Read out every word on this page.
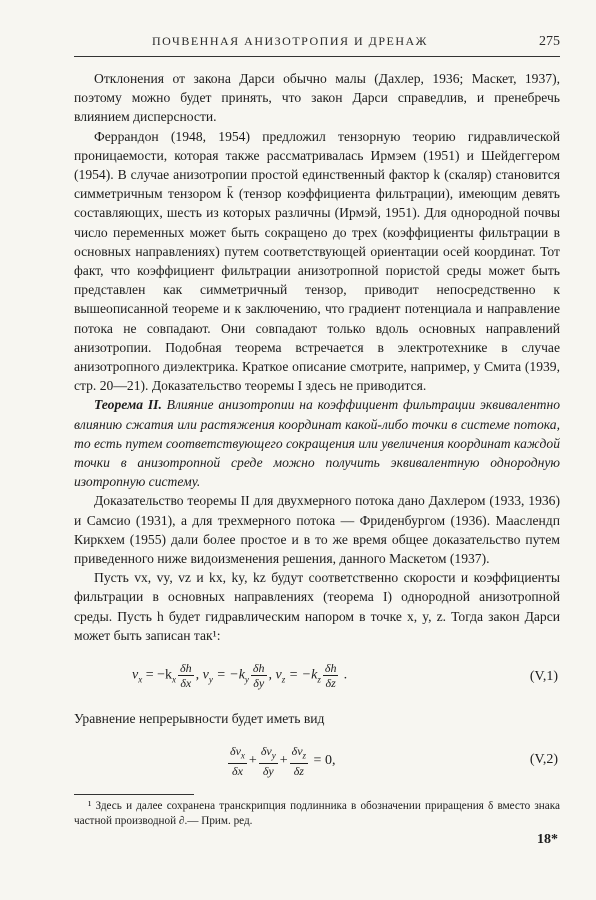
ПОЧВЕННАЯ АНИЗОТРОПИЯ И ДРЕНАЖ	275

Отклонения от закона Дарси обычно малы (Дахлер, 1936; Маскет, 1937), поэтому можно будет принять, что закон Дарси справедлив, и пренебречь влиянием дисперсности.

Феррандон (1948, 1954) предложил тензорную теорию гидравлической проницаемости, которая также рассматривалась Ирмэем (1951) и Шейдеггером (1954). В случае анизотропии простой единственный фактор k (скаляр) становится симметричным тензором k̄ (тензор коэффициента фильтрации), имеющим девять составляющих, шесть из которых различны (Ирмэй, 1951). Для однородной почвы число переменных может быть сокращено до трех (коэффициенты фильтрации в основных направлениях) путем соответствующей ориентации осей координат. Тот факт, что коэффициент фильтрации анизотропной пористой среды может быть представлен как симметричный тензор, приводит непосредственно к вышеописанной теореме и к заключению, что градиент потенциала и направление потока не совпадают. Они совпадают только вдоль основных направлений анизотропии. Подобная теорема встречается в электротехнике в случае анизотропного диэлектрика. Краткое описание смотрите, например, у Смита (1939, стр. 20—21). Доказательство теоремы I здесь не приводится.

Теорема II. Влияние анизотропии на коэффициент фильтрации эквивалентно влиянию сжатия или растяжения координат какой-либо точки в системе потока, то есть путем соответствующего сокращения или увеличения координат каждой точки в анизотропной среде можно получить эквивалентную однородную изотропную систему.

Доказательство теоремы II для двухмерного потока дано Дахлером (1933, 1936) и Самсио (1931), а для трехмерного потока — Фриденбургом (1936). Мааслендп Киркхем (1955) дали более простое и в то же время общее доказательство путем приведенного ниже видоизменения решения, данного Маскетом (1937).

Пусть vx, vy, vz и kx, ky, kz будут соответственно скорости и коэффициенты фильтрации в основных направлениях (теорема I) однородной анизотропной среды. Пусть h будет гидравлическим напором в точке x, y, z. Тогда закон Дарси может быть записан так¹:

$v_x = -k_x \frac{\delta h}{\delta x}$ , $v_y = -k_y \frac{\delta h}{\delta y}$ , $v_z = -k_z \frac{\delta h}{\delta z}$ .	(V,1)

Уравнение непрерывности будет иметь вид

$\frac{\delta v_x}{\delta x} + \frac{\delta v_y}{\delta y} + \frac{\delta v_z}{\delta z} = 0$,	(V,2)

¹ Здесь и далее сохранена транскрипция подлинника в обозначении приращения δ вместо знака частной производной ∂.— Прим. ред.

18*
